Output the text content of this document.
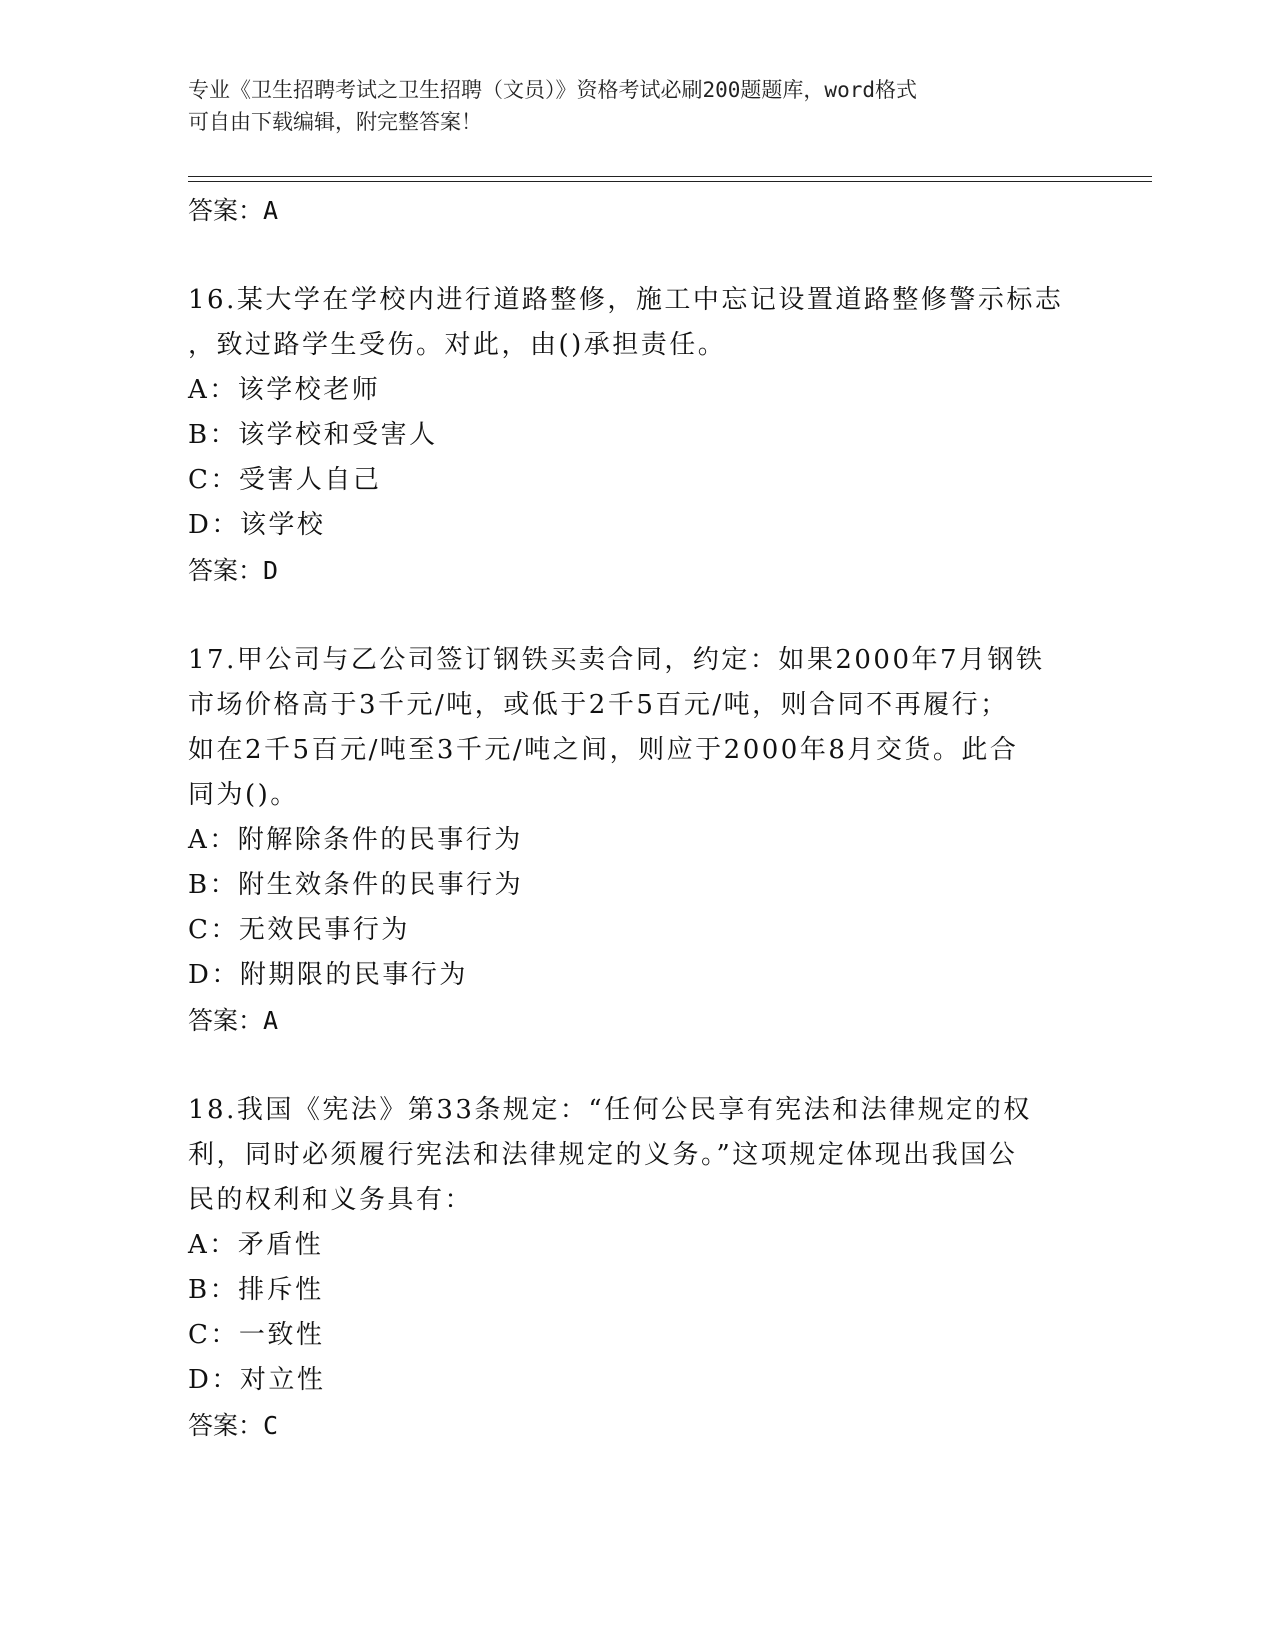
专业《卫生招聘考试之卫生招聘（文员）》资格考试必刷200题题库，word格式
可自由下载编辑，附完整答案！
答案：A
16.某大学在学校内进行道路整修，施工中忘记设置道路整修警示标志
，致过路学生受伤。对此，由()承担责任。
A：该学校老师
B：该学校和受害人
C：受害人自己
D：该学校
答案：D
17.甲公司与乙公司签订钢铁买卖合同，约定：如果2000年7月钢铁
市场价格高于3千元/吨，或低于2千5百元/吨，则合同不再履行；
如在2千5百元/吨至3千元/吨之间，则应于2000年8月交货。此合
同为()。
A：附解除条件的民事行为
B：附生效条件的民事行为
C：无效民事行为
D：附期限的民事行为
答案：A
18.我国《宪法》第33条规定：“任何公民享有宪法和法律规定的权
利，同时必须履行宪法和法律规定的义务。”这项规定体现出我国公
民的权利和义务具有：
A：矛盾性
B：排斥性
C：一致性
D：对立性
答案：C
